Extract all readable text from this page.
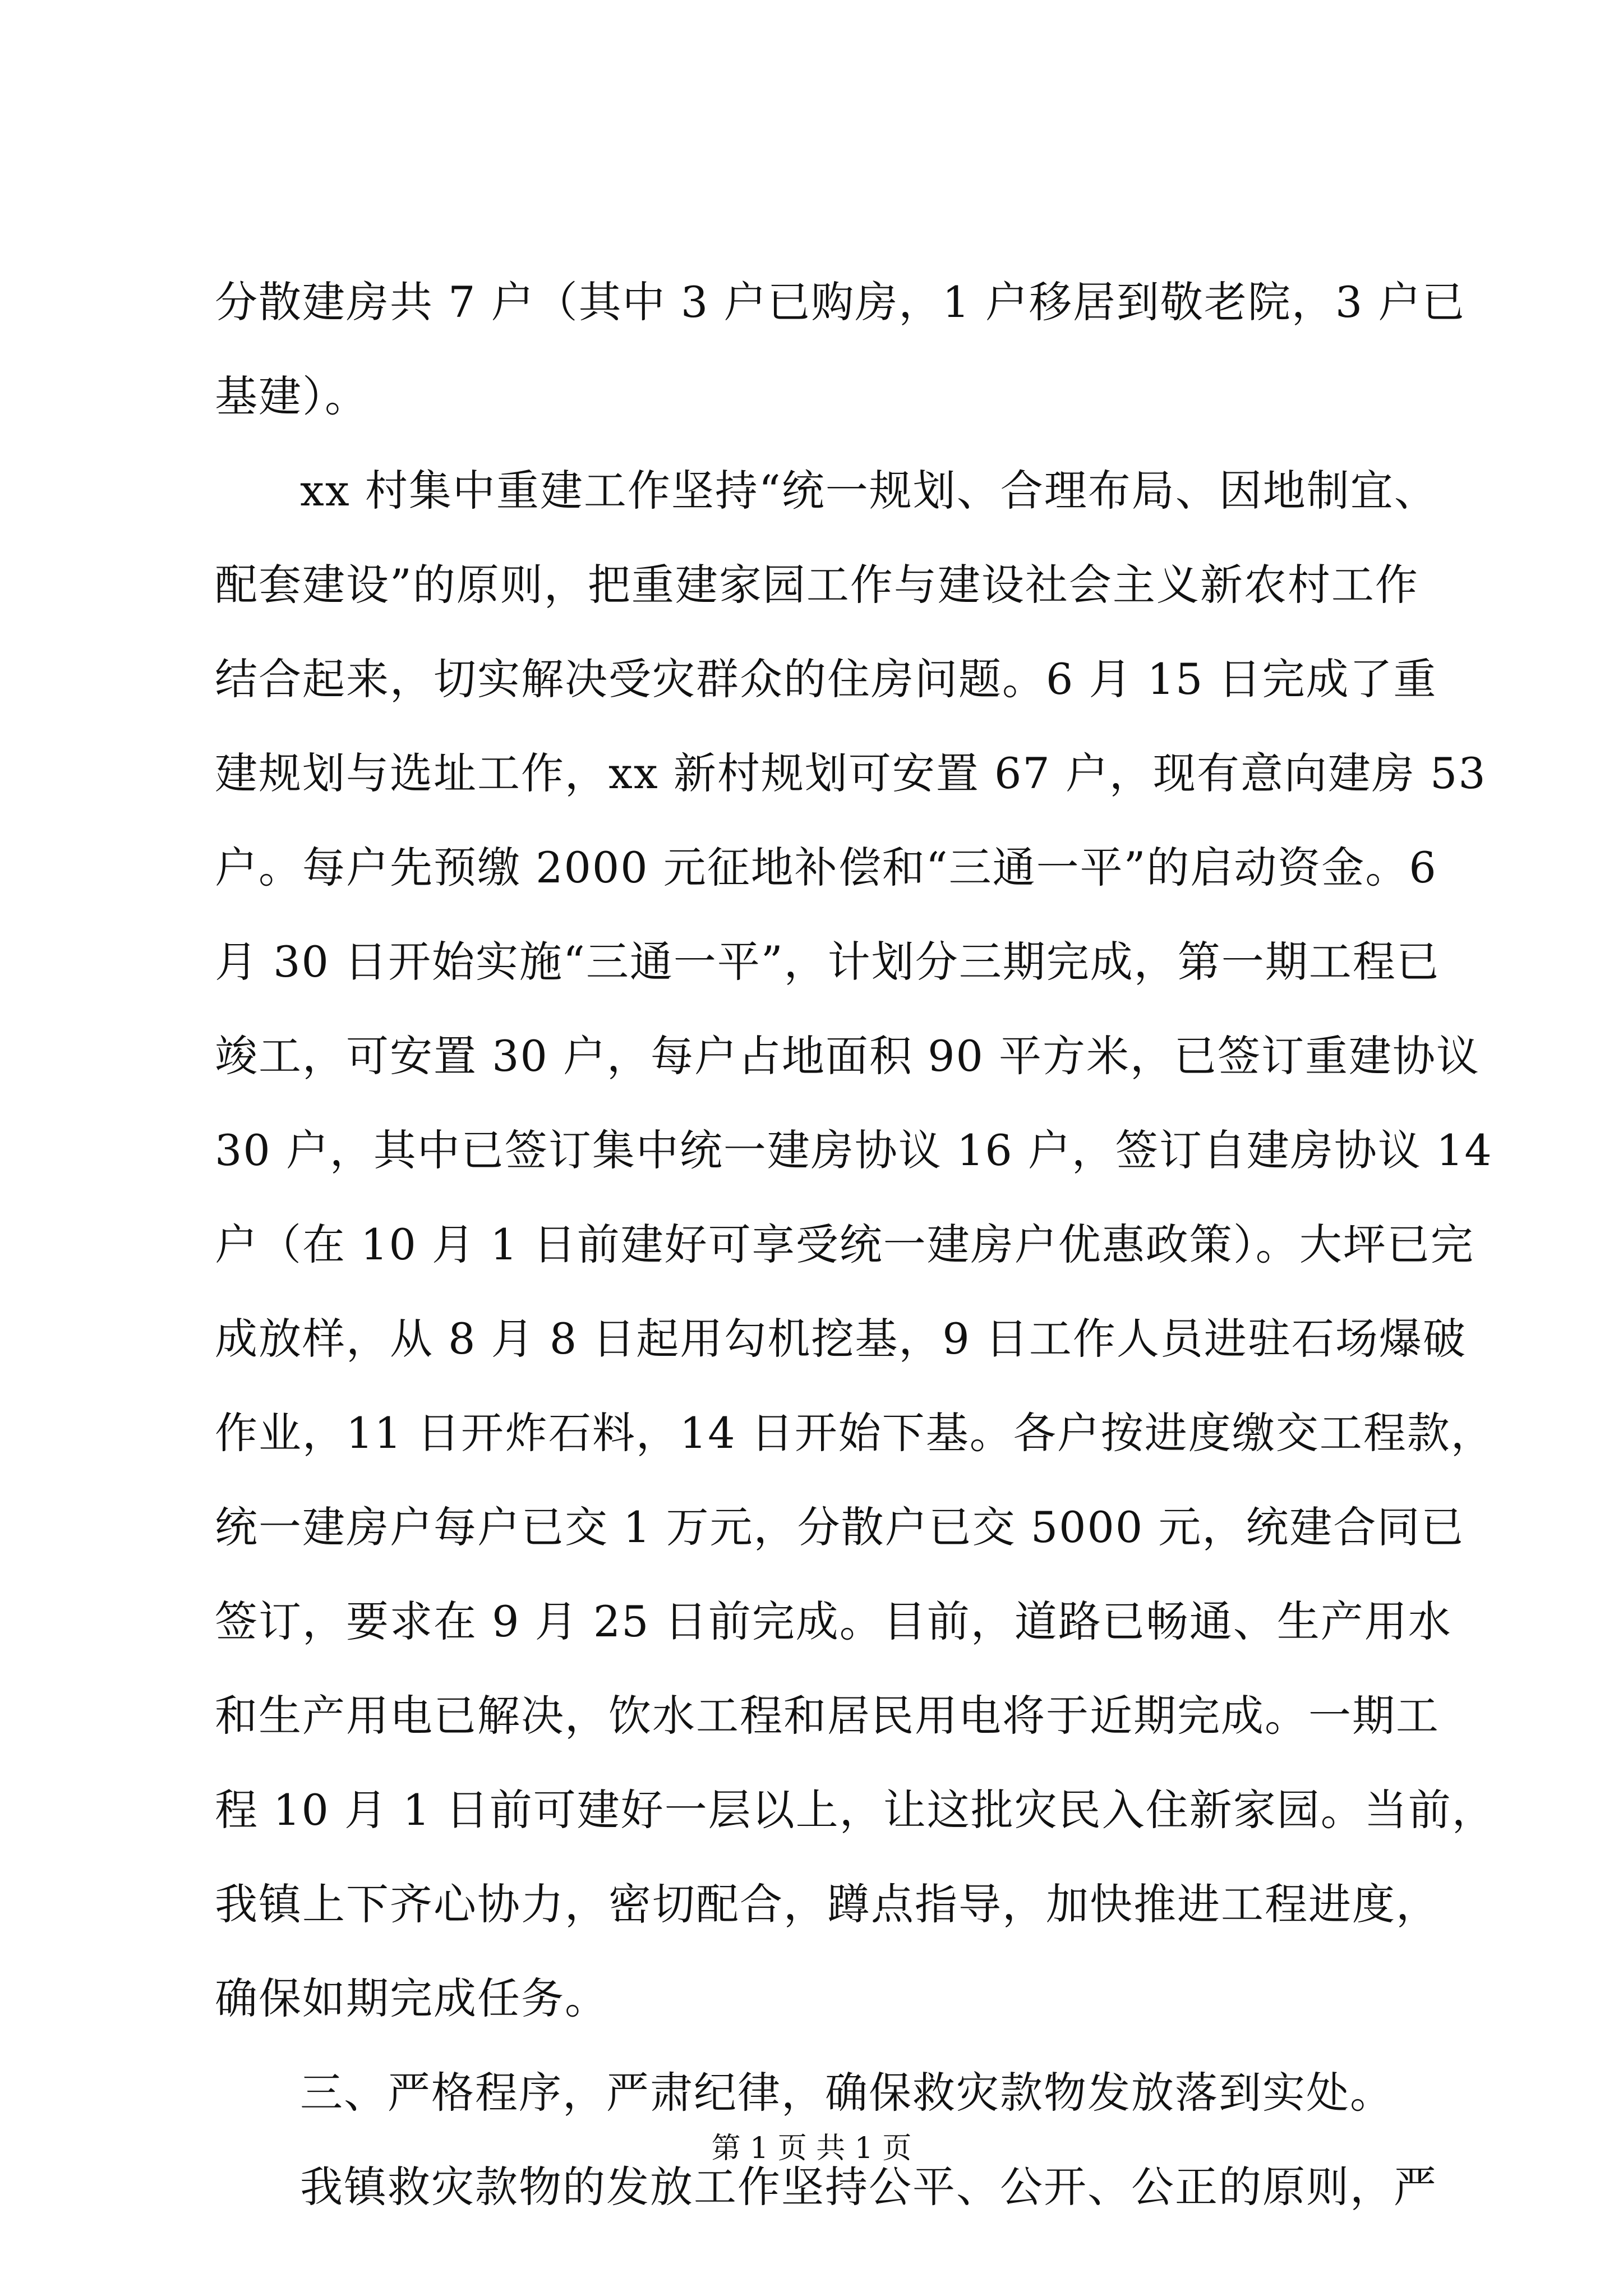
分散建房共 7 户（其中 3 户已购房，1 户移居到敬老院，3 户已
基建）。
xx 村集中重建工作坚持“统一规划、合理布局、因地制宜、
配套建设”的原则，把重建家园工作与建设社会主义新农村工作
结合起来，切实解决受灾群众的住房问题。6 月 15 日完成了重
建规划与选址工作，xx 新村规划可安置 67 户，现有意向建房 53
户。每户先预缴 2000 元征地补偿和“三通一平”的启动资金。6
月 30 日开始实施“三通一平”，计划分三期完成，第一期工程已
竣工，可安置 30 户，每户占地面积 90 平方米，已签订重建协议
30 户，其中已签订集中统一建房协议 16 户，签订自建房协议 14
户（在 10 月 1 日前建好可享受统一建房户优惠政策）。大坪已完
成放样，从 8 月 8 日起用勾机挖基，9 日工作人员进驻石场爆破
作业，11 日开炸石料，14 日开始下基。各户按进度缴交工程款，
统一建房户每户已交 1 万元，分散户已交 5000 元，统建合同已
签订，要求在 9 月 25 日前完成。目前，道路已畅通、生产用水
和生产用电已解决，饮水工程和居民用电将于近期完成。一期工
程 10 月 1 日前可建好一层以上，让这批灾民入住新家园。当前，
我镇上下齐心协力，密切配合，蹲点指导，加快推进工程进度，
确保如期完成任务。
三、严格程序，严肃纪律，确保救灾款物发放落到实处。
我镇救灾款物的发放工作坚持公平、公开、公正的原则，严
第 1 页 共 1 页
